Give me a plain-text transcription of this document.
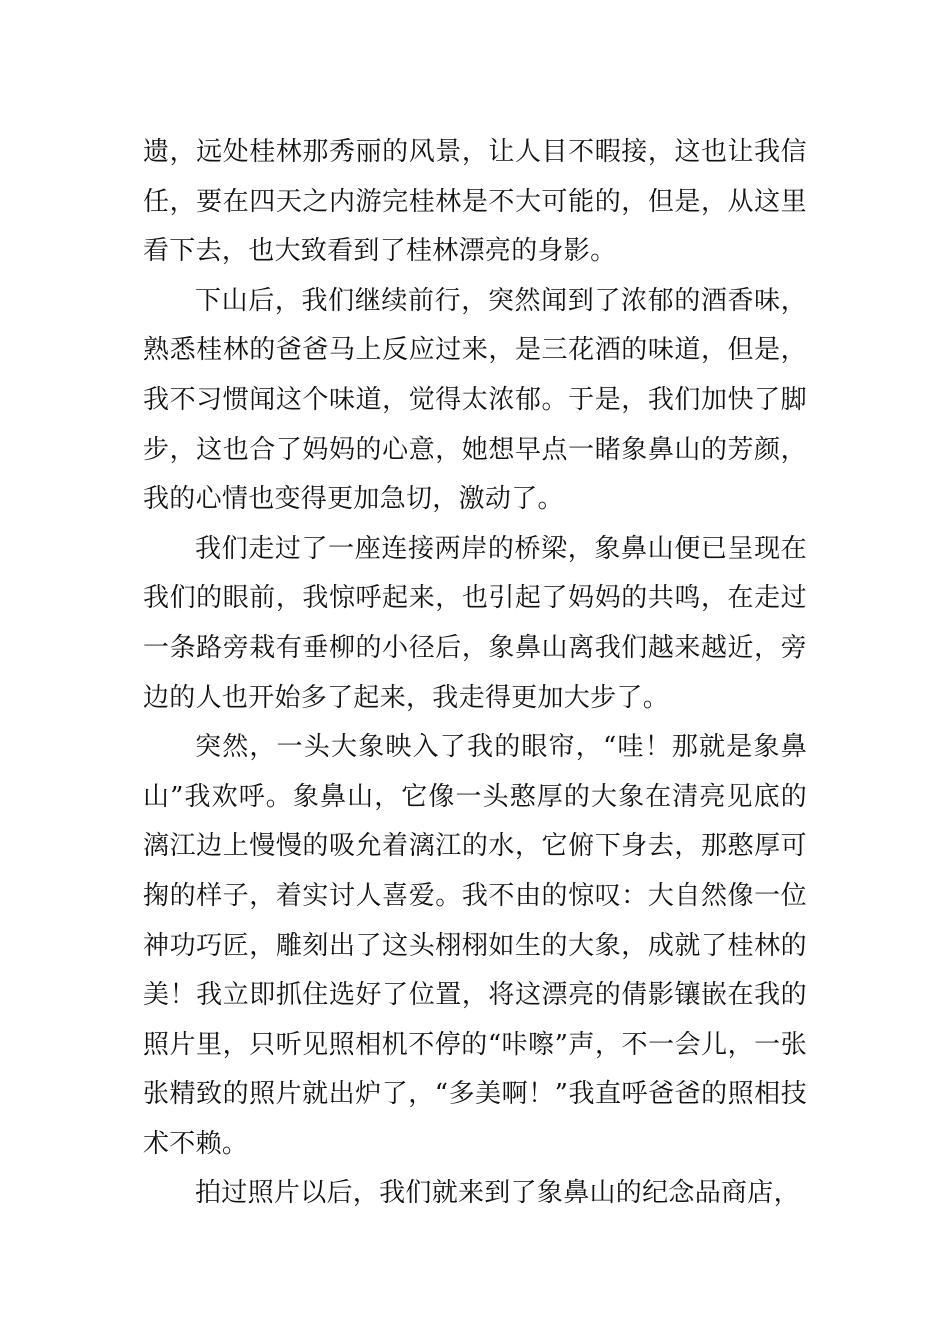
遗，远处桂林那秀丽的风景，让人目不暇接，这也让我信任，要在四天之内游完桂林是不大可能的，但是，从这里看下去，也大致看到了桂林漂亮的身影。

下山后，我们继续前行，突然闻到了浓郁的酒香味，熟悉桂林的爸爸马上反应过来，是三花酒的味道，但是，我不习惯闻这个味道，觉得太浓郁。于是，我们加快了脚步，这也合了妈妈的心意，她想早点一睹象鼻山的芳颜，我的心情也变得更加急切，激动了。

我们走过了一座连接两岸的桥梁，象鼻山便已呈现在我们的眼前，我惊呼起来，也引起了妈妈的共鸣，在走过一条路旁栽有垂柳的小径后，象鼻山离我们越来越近，旁边的人也开始多了起来，我走得更加大步了。

突然，一头大象映入了我的眼帘，“哇！那就是象鼻山”我欢呼。象鼻山，它像一头憨厚的大象在清亮见底的漓江边上慢慢的吸允着漓江的水，它俯下身去，那憨厚可掬的样子，着实讨人喜爱。我不由的惊叹：大自然像一位神功巧匠，雕刻出了这头栩栩如生的大象，成就了桂林的美！我立即抓住选好了位置，将这漂亮的倩影镶嵌在我的照片里，只听见照相机不停的“咔嚓”声，不一会儿，一张张精致的照片就出炉了，“多美啊！”我直呼爸爸的照相技术不赖。

拍过照片以后，我们就来到了象鼻山的纪念品商店，
